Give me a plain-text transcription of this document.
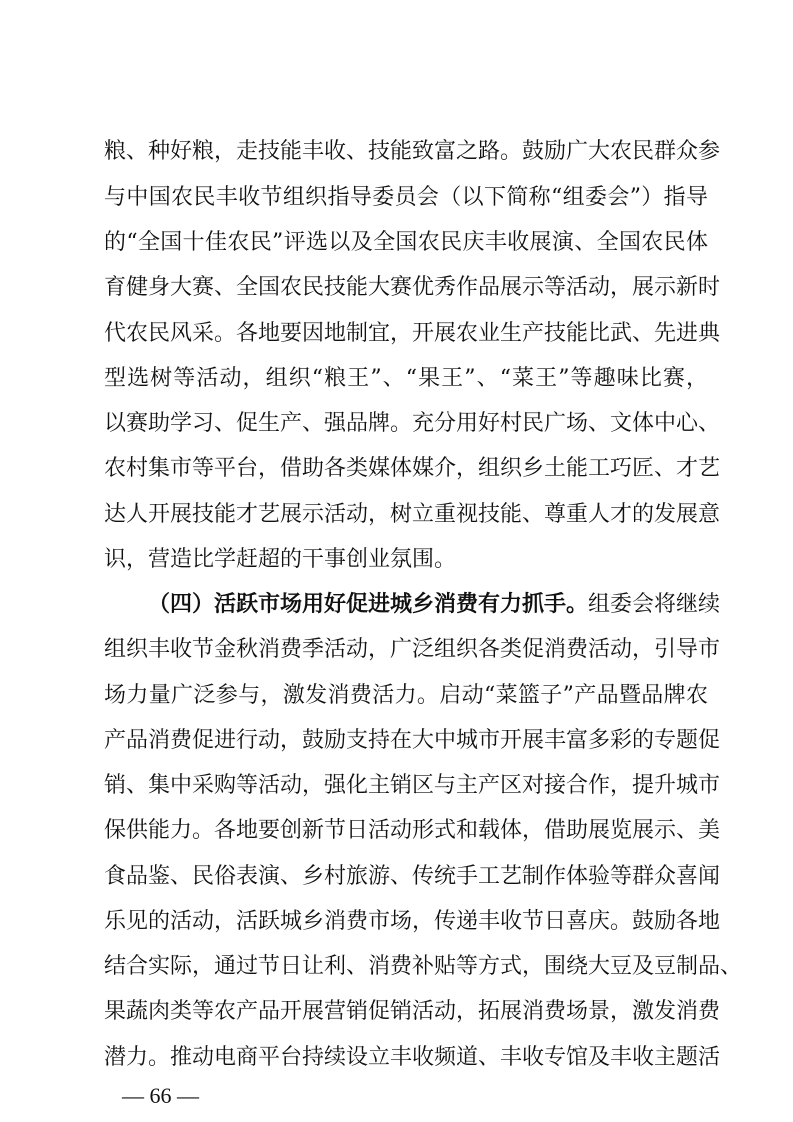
粮、种好粮，走技能丰收、技能致富之路。鼓励广大农民群众参
与中国农民丰收节组织指导委员会（以下简称“组委会”）指导
的“全国十佳农民”评选以及全国农民庆丰收展演、全国农民体
育健身大赛、全国农民技能大赛优秀作品展示等活动，展示新时
代农民风采。各地要因地制宜，开展农业生产技能比武、先进典
型选树等活动，组织“粮王”、“果王”、“菜王”等趣味比赛，
以赛助学习、促生产、强品牌。充分用好村民广场、文体中心、
农村集市等平台，借助各类媒体媒介，组织乡土能工巧匠、才艺
达人开展技能才艺展示活动，树立重视技能、尊重人才的发展意
识，营造比学赶超的干事创业氛围。
（四）活跃市场用好促进城乡消费有力抓手。组委会将继续
组织丰收节金秋消费季活动，广泛组织各类促消费活动，引导市
场力量广泛参与，激发消费活力。启动“菜篮子”产品暨品牌农
产品消费促进行动，鼓励支持在大中城市开展丰富多彩的专题促
销、集中采购等活动，强化主销区与主产区对接合作，提升城市
保供能力。各地要创新节日活动形式和载体，借助展览展示、美
食品鉴、民俗表演、乡村旅游、传统手工艺制作体验等群众喜闻
乐见的活动，活跃城乡消费市场，传递丰收节日喜庆。鼓励各地
结合实际，通过节日让利、消费补贴等方式，围绕大豆及豆制品、
果蔬肉类等农产品开展营销促销活动，拓展消费场景，激发消费
潜力。推动电商平台持续设立丰收频道、丰收专馆及丰收主题活
— 66 —
